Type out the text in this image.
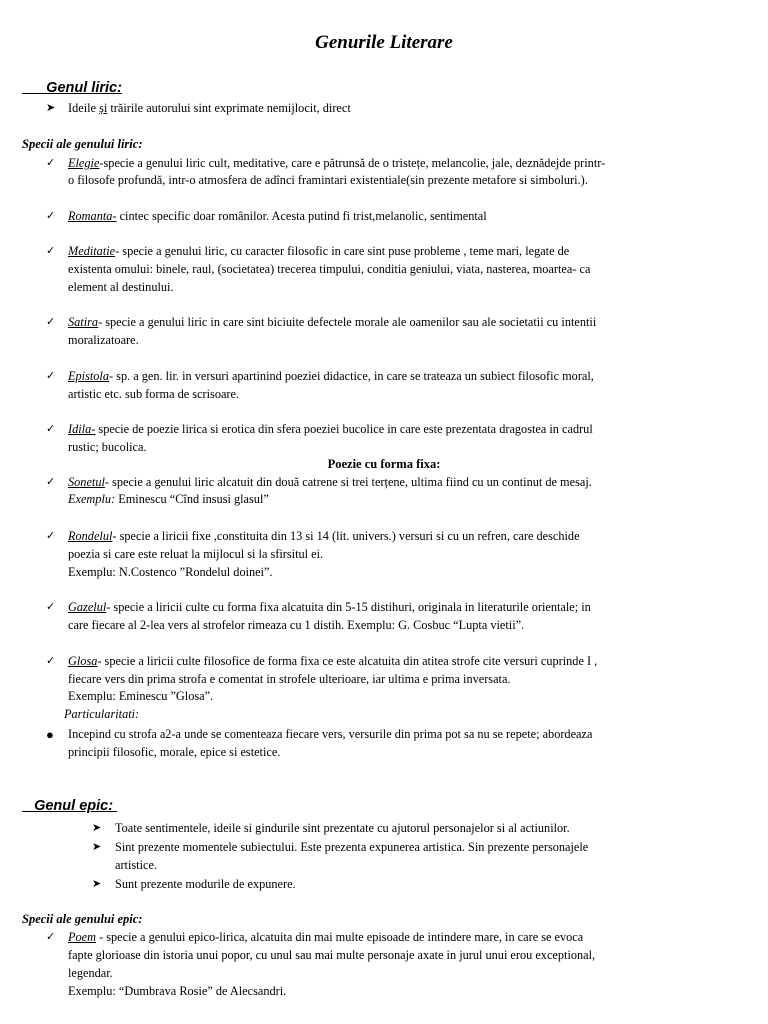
Genurile Literare
Genul liric:
➤ Ideile și trăirile autorului sint exprimate nemijlocit, direct
Specii ale genului liric:
✓ Elegie-specie a genului liric cult, meditative, care e pătrunsă de o tristețe, melancolie, jale, deznădejde printr-
o filosofe profundă, intr-o atmosfera de adînci framintari existentiale(sin prezente metafore si simboluri.).
✓ Romanta- cintec specific doar românilor. Acesta putind fi trist,melanolic, sentimental
✓ Meditatie- specie a genului liric, cu caracter filosofic in care sint puse probleme , teme mari, legate de
existenta omului: binele, raul, (societatea) trecerea timpului, conditia geniului, viata, nasterea, moartea- ca
element al destinului.
✓ Satira- specie a genului liric in care sint biciuite defectele morale ale oamenilor sau ale societatii cu intentii
moralizatoare.
✓ Epistola- sp. a gen. lir. in versuri apartinind poeziei didactice, in care se trateaza un subiect filosofic moral,
artistic etc. sub forma de scrisoare.
✓ Idila- specie de poezie lirica si erotica din sfera poeziei bucolice in care este prezentata dragostea in cadrul
rustic; bucolica.
Poezie cu forma fixa:
✓ Sonetul- specie a genului liric alcatuit din două catrene si trei terțene, ultima fiind cu un continut de mesaj.
Exemplu: Eminescu “Cînd insusi glasul”
✓ Rondelul- specie a liricii fixe ,constituita din 13 si 14 (lit. univers.) versuri si cu un refren, care deschide
poezia si care este reluat la mijlocul si la sfirsitul ei.
Exemplu: N.Costenco ”Rondelul doinei”.
✓ Gazelul- specie a liricii culte cu forma fixa alcatuita din 5-15 distihuri, originala in literaturile orientale; in
care fiecare al 2-lea vers al strofelor rimeaza cu 1 distih. Exemplu: G. Cosbuc “Lupta vietii”.
✓ Glosa- specie a liricii culte filosofice de forma fixa ce este alcatuita din atitea strofe cite versuri cuprinde I ,
fiecare vers din prima strofa e comentat in strofele ulterioare, iar ultima e prima inversata.
Exemplu: Eminescu ”Glosa”.
Particularitati:
● Incepind cu strofa a2-a unde se comenteaza fiecare vers, versurile din prima pot sa nu se repete; abordeaza
principii filosofic, morale, epice si estetice.
Genul epic:
➤ Toate sentimentele, ideile si gindurile sint prezentate cu ajutorul personajelor si al actiunilor.
➤ Sint prezente momentele subiectului. Este prezenta expunerea artistica. Sin prezente personajele
artistice.
➤ Sunt prezente modurile de expunere.
Specii ale genului epic:
✓ Poem - specie a genului epico-lirica, alcatuita din mai multe episoade de intindere mare, in care se evoca
fapte glorioase din istoria unui popor, cu unul sau mai multe personaje axate in jurul unui erou exceptional,
legendar.
Exemplu: “Dumbrava Rosie” de Alecsandri.
